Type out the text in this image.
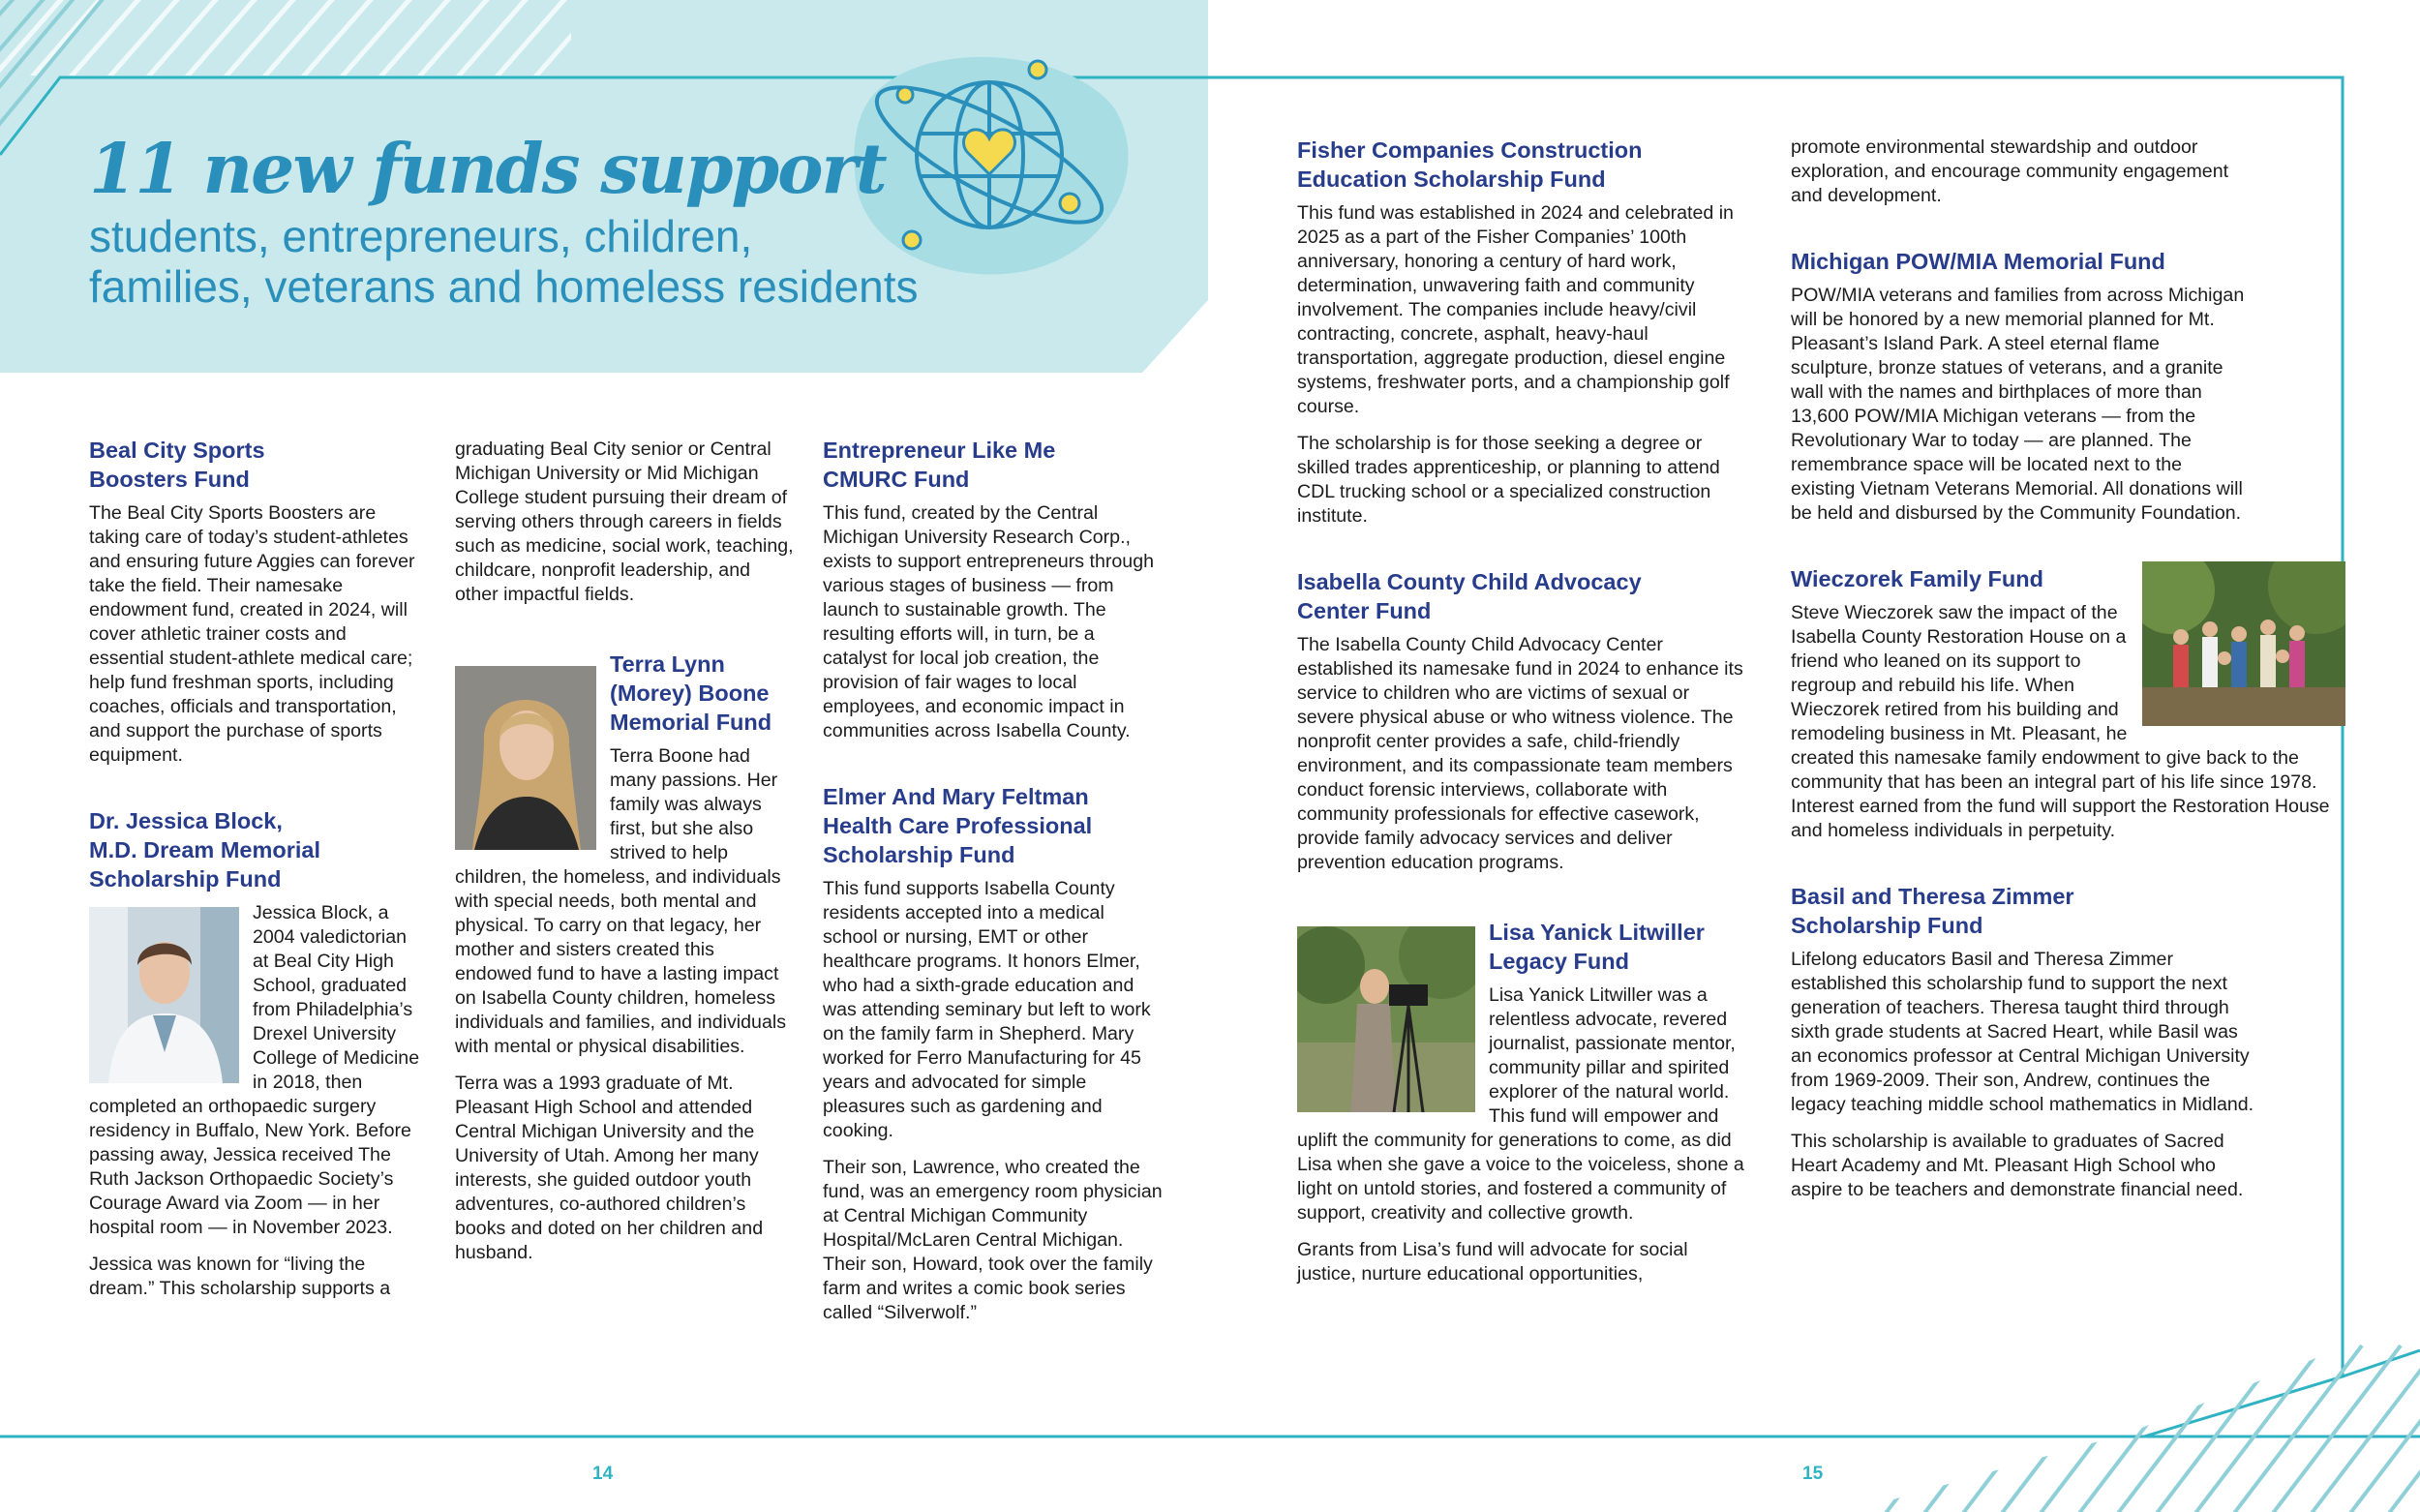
11 new funds support
students, entrepreneurs, children,
families, veterans and homeless residents
Beal City Sports
Boosters Fund

The Beal City Sports Boosters are taking care of today’s student-athletes and ensuring future Aggies can forever take the field. Their namesake endowment fund, created in 2024, will cover athletic trainer costs and essential student-athlete medical care; help fund freshman sports, including coaches, officials and transportation, and support the purchase of sports equipment.

Dr. Jessica Block,
M.D. Dream Memorial
Scholarship Fund

Jessica Block, a 2004 valedictorian at Beal City High School, graduated from Philadelphia’s Drexel University College of Medicine in 2018, then completed an orthopaedic surgery residency in Buffalo, New York. Before passing away, Jessica received The Ruth Jackson Orthopaedic Society’s Courage Award via Zoom — in her hospital room — in November 2023.

Jessica was known for “living the dream.” This scholarship supports a

graduating Beal City senior or Central Michigan University or Mid Michigan College student pursuing their dream of serving others through careers in fields such as medicine, social work, teaching, childcare, nonprofit leadership, and other impactful fields.

Terra Lynn
(Morey) Boone
Memorial Fund

Terra Boone had many passions. Her family was always first, but she also strived to help children, the homeless, and individuals with special needs, both mental and physical. To carry on that legacy, her mother and sisters created this endowed fund to have a lasting impact on Isabella County children, homeless individuals and families, and individuals with mental or physical disabilities.

Terra was a 1993 graduate of Mt. Pleasant High School and attended Central Michigan University and the University of Utah. Among her many interests, she guided outdoor youth adventures, co-authored children’s books and doted on her children and husband.

Entrepreneur Like Me
CMURC Fund

This fund, created by the Central Michigan University Research Corp., exists to support entrepreneurs through various stages of business — from launch to sustainable growth. The resulting efforts will, in turn, be a catalyst for local job creation, the provision of fair wages to local employees, and economic impact in communities across Isabella County.

Elmer And Mary Feltman
Health Care Professional
Scholarship Fund

This fund supports Isabella County residents accepted into a medical school or nursing, EMT or other healthcare programs. It honors Elmer, who had a sixth-grade education and was attending seminary but left to work on the family farm in Shepherd. Mary worked for Ferro Manufacturing for 45 years and advocated for simple pleasures such as gardening and cooking.

Their son, Lawrence, who created the fund, was an emergency room physician at Central Michigan Community Hospital/McLaren Central Michigan. Their son, Howard, took over the family farm and writes a comic book series called “Silverwolf.”

Fisher Companies Construction
Education Scholarship Fund

This fund was established in 2024 and celebrated in 2025 as a part of the Fisher Companies’ 100th anniversary, honoring a century of hard work, determination, unwavering faith and community involvement. The companies include heavy/civil contracting, concrete, asphalt, heavy-haul transportation, aggregate production, diesel engine systems, freshwater ports, and a championship golf course.

The scholarship is for those seeking a degree or skilled trades apprenticeship, or planning to attend CDL trucking school or a specialized construction institute.

Isabella County Child Advocacy
Center Fund

The Isabella County Child Advocacy Center established its namesake fund in 2024 to enhance its service to children who are victims of sexual or severe physical abuse or who witness violence. The nonprofit center provides a safe, child-friendly environment, and its compassionate team members conduct forensic interviews, collaborate with community professionals for effective casework, provide family advocacy services and deliver prevention education programs.

Lisa Yanick Litwiller
Legacy Fund

Lisa Yanick Litwiller was a relentless advocate, revered journalist, passionate mentor, community pillar and spirited explorer of the natural world. This fund will empower and uplift the community for generations to come, as did Lisa when she gave a voice to the voiceless, shone a light on untold stories, and fostered a community of support, creativity and collective growth.

Grants from Lisa’s fund will advocate for social justice, nurture educational opportunities,

promote environmental stewardship and outdoor exploration, and encourage community engagement and development.

Michigan POW/MIA Memorial Fund

POW/MIA veterans and families from across Michigan will be honored by a new memorial planned for Mt. Pleasant’s Island Park. A steel eternal flame sculpture, bronze statues of veterans, and a granite wall with the names and birthplaces of more than 13,600 POW/MIA Michigan veterans — from the Revolutionary War to today — are planned. The remembrance space will be located next to the existing Vietnam Veterans Memorial. All donations will be held and disbursed by the Community Foundation.

Wieczorek Family Fund

Steve Wieczorek saw the impact of the Isabella County Restoration House on a friend who leaned on its support to regroup and rebuild his life. When Wieczorek retired from his building and remodeling business in Mt. Pleasant, he created this namesake family endowment to give back to the community that has been an integral part of his life since 1978. Interest earned from the fund will support the Restoration House and homeless individuals in perpetuity.

Basil and Theresa Zimmer
Scholarship Fund

Lifelong educators Basil and Theresa Zimmer established this scholarship fund to support the next generation of teachers. Theresa taught third through sixth grade students at Sacred Heart, while Basil was an economics professor at Central Michigan University from 1969-2009. Their son, Andrew, continues the legacy teaching middle school mathematics in Midland.

This scholarship is available to graduates of Sacred Heart Academy and Mt. Pleasant High School who aspire to be teachers and demonstrate financial need.

14	15
